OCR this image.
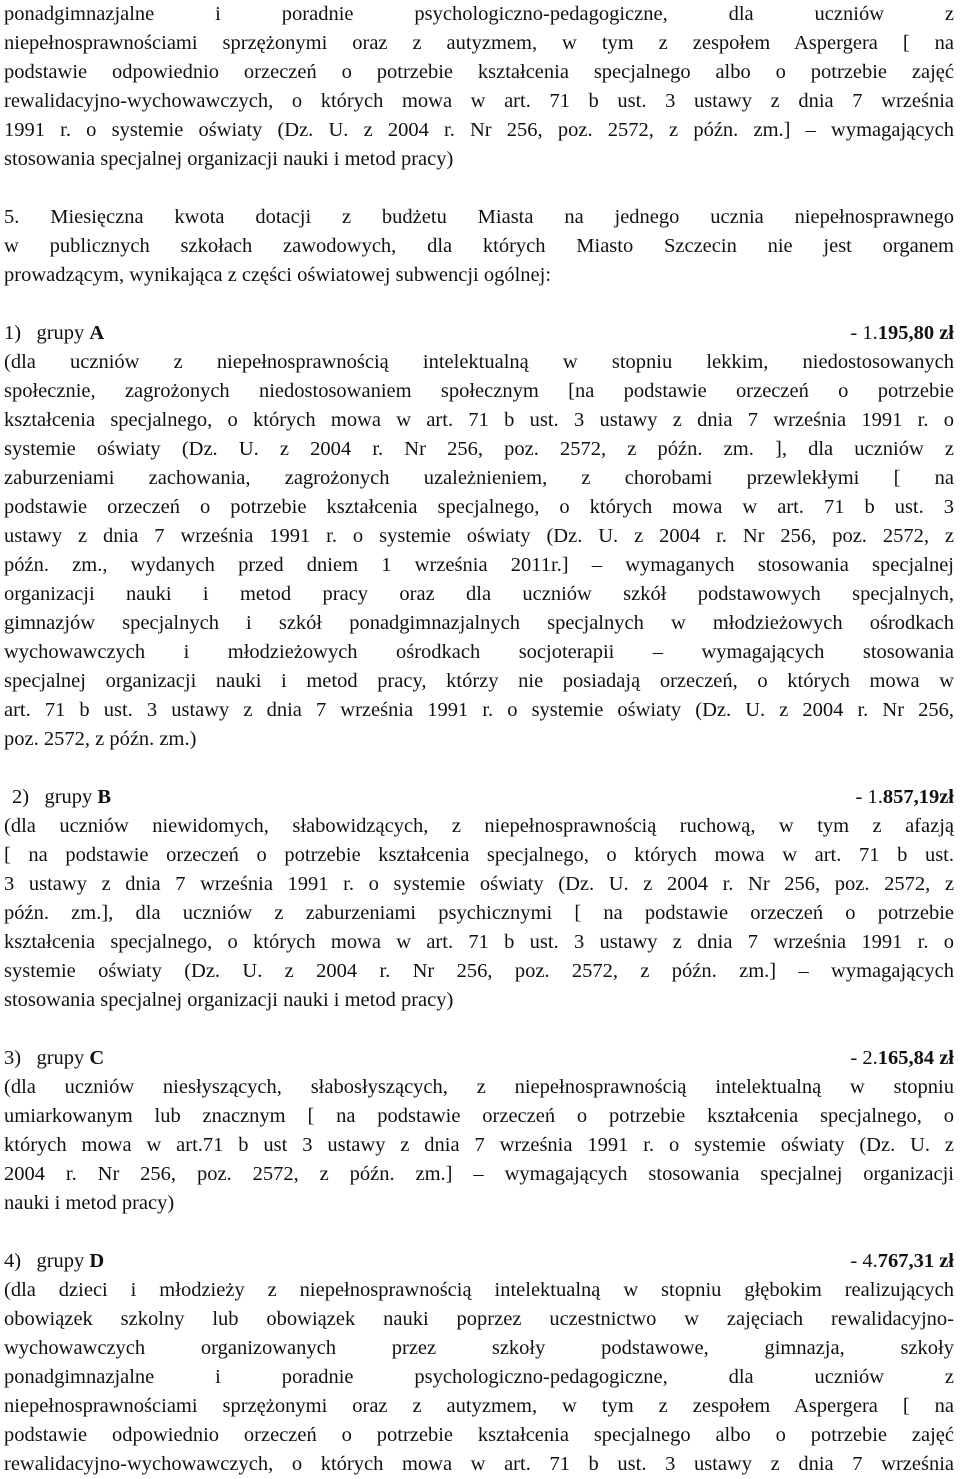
ponadgimnazjalne i poradnie psychologiczno-pedagogiczne, dla uczniów z
niepełnosprawnościami sprzężonymi oraz z autyzmem, w tym z zespołem Aspergera [ na
podstawie odpowiednio orzeczeń o potrzebie kształcenia specjalnego albo o potrzebie zajęć
rewalidacyjno-wychowawczych, o których mowa w art. 71 b ust. 3 ustawy z dnia 7 września
1991 r. o systemie oświaty (Dz. U. z 2004 r. Nr 256, poz. 2572, z późn. zm.] – wymagających
stosowania specjalnej organizacji nauki i metod pracy)
5. Miesięczna kwota dotacji z budżetu Miasta na jednego ucznia niepełnosprawnego
w publicznych szkołach zawodowych, dla których Miasto Szczecin nie jest organem
prowadzącym, wynikająca z części oświatowej subwencji ogólnej:
1) grupy A	- 1.195,80 zł
(dla uczniów z niepełnosprawnością intelektualną w stopniu lekkim, niedostosowanych
społecznie, zagrożonych niedostosowaniem społecznym [na podstawie orzeczeń o potrzebie
kształcenia specjalnego, o których mowa w art. 71 b ust. 3 ustawy z dnia 7 września 1991 r. o
systemie oświaty (Dz. U. z 2004 r. Nr 256, poz. 2572, z późn. zm. ], dla uczniów z
zaburzeniami zachowania, zagrożonych uzależnieniem, z chorobami przewlekłymi [ na
podstawie orzeczeń o potrzebie kształcenia specjalnego, o których mowa w art. 71 b ust. 3
ustawy z dnia 7 września 1991 r. o systemie oświaty (Dz. U. z 2004 r. Nr 256, poz. 2572, z
późn. zm., wydanych przed dniem 1 września 2011r.] – wymaganych stosowania specjalnej
organizacji nauki i metod pracy oraz dla uczniów szkół podstawowych specjalnych,
gimnazjów specjalnych i szkół ponadgimnazjalnych specjalnych w młodzieżowych ośrodkach
wychowawczych i młodzieżowych ośrodkach socjoterapii – wymagających stosowania
specjalnej organizacji nauki i metod pracy, którzy nie posiadają orzeczeń, o których mowa w
art. 71 b ust. 3 ustawy z dnia 7 września 1991 r. o systemie oświaty (Dz. U. z 2004 r. Nr 256,
poz. 2572, z późn. zm.)
2) grupy B	- 1.857,19zł
(dla uczniów niewidomych, słabowidzących, z niepełnosprawnością ruchową, w tym z afazją
[ na podstawie orzeczeń o potrzebie kształcenia specjalnego, o których mowa w art. 71 b ust.
3 ustawy z dnia 7 września 1991 r. o systemie oświaty (Dz. U. z 2004 r. Nr 256, poz. 2572, z
późn. zm.], dla uczniów z zaburzeniami psychicznymi [ na podstawie orzeczeń o potrzebie
kształcenia specjalnego, o których mowa w art. 71 b ust. 3 ustawy z dnia 7 września 1991 r. o
systemie oświaty (Dz. U. z 2004 r. Nr 256, poz. 2572, z późn. zm.] – wymagających
stosowania specjalnej organizacji nauki i metod pracy)
3) grupy C	- 2.165,84 zł
(dla uczniów niesłyszących, słabosłyszących, z niepełnosprawnością intelektualną w stopniu
umiarkowanym lub znacznym [ na podstawie orzeczeń o potrzebie kształcenia specjalnego, o
których mowa w art.71 b ust 3 ustawy z dnia 7 września 1991 r. o systemie oświaty (Dz. U. z
2004 r. Nr 256, poz. 2572, z późn. zm.] – wymagających stosowania specjalnej organizacji
nauki i metod pracy)
4) grupy D	- 4.767,31 zł
(dla dzieci i młodzieży z niepełnosprawnością intelektualną w stopniu głębokim realizujących
obowiązek szkolny lub obowiązek nauki poprzez uczestnictwo w zajęciach rewalidacyjno-
wychowawczych organizowanych przez szkoły podstawowe, gimnazja, szkoły
ponadgimnazjalne i poradnie psychologiczno-pedagogiczne, dla uczniów z
niepełnosprawnościami sprzężonymi oraz z autyzmem, w tym z zespołem Aspergera [ na
podstawie odpowiednio orzeczeń o potrzebie kształcenia specjalnego albo o potrzebie zajęć
rewalidacyjno-wychowawczych, o których mowa w art. 71 b ust. 3 ustawy z dnia 7 września
